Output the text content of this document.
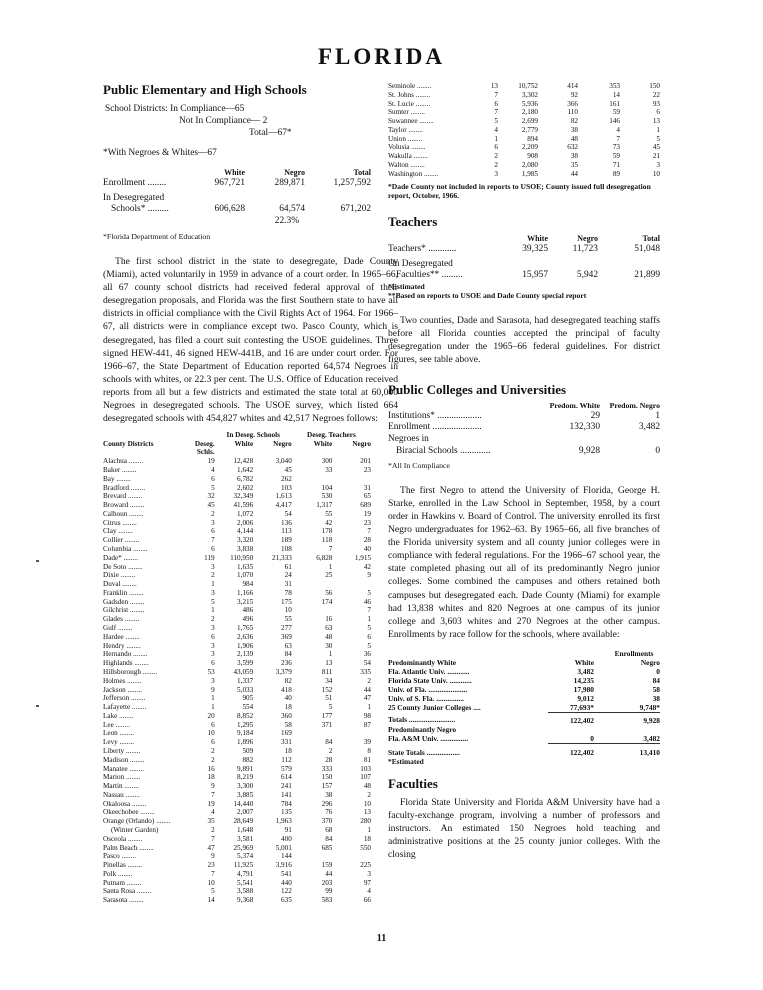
FLORIDA
Public Elementary and High Schools
School Districts: In Compliance—65
Not In Compliance— 2
Total—67*
*With Negroes & Whites—67
	White	Negro	Total
Enrollment ........	967,721	289,871	1,257,592
In Desegregated			
Schools* .........	606,628	64,574	671,202
		22.3%	
*Florida Department of Education

The first school district in the state to desegregate, Dade County (Miami), acted voluntarily in 1959 in advance of a court order. In 1965–66, all 67 county school districts had received federal approval of their desegregation proposals, and Florida was the first Southern state to have all districts in official compliance with the Civil Rights Act of 1964. For 1966–67, all districts were in compliance except two. Pasco County, which is desegregated, has filed a court suit contesting the USOE guidelines. Three signed HEW-441, 46 signed HEW-441B, and 16 are under court order. For 1966–67, the State Department of Education reported 64,574 Negroes in schools with whites, or 22.3 per cent. The U.S. Office of Education received reports from all but a few districts and estimated the state total at 60,000 Negroes in desegregated schools. The USOE survey, which listed 664 desegregated schools with 454,827 whites and 42,517 Negroes follows:

		In Deseg. Schools		Deseg. Teachers	
County Districts	Deseg. Schls.	White	Negro	White	Negro
Alachua ........	19	12,428	3,040	300	201
Baker ........	4	1,642	45	33	23
Bay ........	6	6,782	262		
Bradford ........	5	2,602	103	104	31
Brevard ........	32	32,349	1,613	530	65
Broward ........	45	41,596	4,417	1,317	689
Calhoun ........	2	1,072	54	55	19
Citrus ........	3	2,006	136	42	23
Clay ........	6	4,144	113	178	7
Collier ........	7	3,320	189	118	28
Columbia ........	6	3,838	108	7	40
Dade* ........	119	110,950	21,333	6,828	1,915
De Soto ........	3	1,635	61	1	42
Dixie ........	2	1,070	24	25	9
Duval ........	1	984	31		
Franklin ........	3	1,166	78	56	5
Gadsden ........	5	3,215	175	174	46
Gilchrist ........	1	486	10		7
Glades ........	2	496	55	16	1
Gulf ........	3	1,765	277	63	5
Hardee ........	6	2,636	369	48	6
Hendry ........	3	1,906	63	30	5
Hernando ........	3	2,139	84	1	36
Highlands ........	6	3,599	236	13	54
Hillsborough ........	53	43,059	3,379	811	335
Holmes ........	3	1,337	82	34	2
Jackson ........	9	5,033	418	152	44
Jefferson ........	1	905	40	51	47
Lafayette ........	1	554	18	5	1
Lake ........	20	8,852	360	177	98
Lee ........	6	1,295	58	371	87
Leon ........	10	9,184	169		
Levy ........	6	1,896	331	84	39
Liberty ........	2	509	18	2	8
Madison ........	2	882	112	28	81
Manatee ........	16	9,891	579	333	103
Marion ........	18	8,219	614	150	107
Martin ........	9	3,300	241	157	48
Nassau ........	7	3,885	141	38	2
Okaloosa ........	19	14,440	784	296	10
Okeechobee ........	4	2,007	135	76	13
Orange (Orlando) ........	35	28,649	1,963	370	280
(Winter Garden)	2	1,648	91	68	1
Osceola ........	7	3,581	400	84	18
Palm Beach ........	47	25,969	5,001	685	550
Pasco ........	9	5,374	144		
Pinellas ........	23	11,925	3,916	159	225
Polk ........	7	4,791	541	44	3
Putnam ........	10	5,541	440	203	97
Santa Rosa ........	5	3,588	122	99	4
Sarasota ........	14	9,368	635	583	66
Seminole ........	13	10,752	414	353	150
St. Johns ........	7	3,302	92	14	22
St. Lucie ........	6	5,936	366	161	93
Sumter ........	7	2,180	110	59	6
Suwannee ........	5	2,699	82	146	13
Taylor ........	4	2,779	38	4	1
Union ........	1	894	48	7	5
Volusia ........	6	2,209	632	73	45
Wakulla ........	2	908	38	59	21
Walton ........	2	2,080	35	71	3
Washington ........	3	1,985	44	89	10
*Dade County not included in reports to USOE; County issued full desegregation report, October, 1966.
Teachers
	White	Negro	Total
Teachers* ............	39,325	11,723	51,048
On Desegregated			
Faculties** .........	15,957	5,942	21,899
*Estimated
**Based on reports to USOE and Dade County special report

Two counties, Dade and Sarasota, had desegregated teaching staffs before all Florida counties accepted the principal of faculty desegregation under the 1965–66 federal guidelines. For district figures, see table above.

Public Colleges and Universities
	Predom. White	Predom. Negro
Institutions* ...................	29	1
Enrollment .....................	132,330	3,482
Negroes in		
Biracial Schools .............	9,928	0
*All In Compliance

The first Negro to attend the University of Florida, George H. Starke, enrolled in the Law School in September, 1958, by a court order in Hawkins v. Board of Control. The university enrolled its first Negro undergraduates for 1962–63. By 1965–66, all five branches of the Florida university system and all county junior colleges were in compliance with federal regulations. For the 1966–67 school year, the state completed phasing out all of its predominantly Negro junior colleges. Some combined the campuses and others retained both campuses but desegregated each. Dade County (Miami) for example had 13,838 whites and 820 Negroes at one campus of its junior college and 3,603 whites and 270 Negroes at the other campus. Enrollments by race follow for the schools, where available:

	Enrollments	
Predominantly White	White	Negro
Fla. Atlantic Univ. ............	3,482	0
Florida State Univ. ............	14,235	84
Univ. of Fla. .....................	17,980	58
Univ. of S. Fla. ...............	9,012	38
25 County Junior Colleges ....	77,693*	9,748*
Totals .........................	122,402	9,928
Predominantly Negro		
Fla. A&M Univ. ...............	0	3,482
State Totals ..................	122,402	13,410
*Estimated		
Faculties

Florida State University and Florida A&M University have had a faculty-exchange program, involving a number of professors and instructors. An estimated 150 Negroes hold teaching and administrative positions at the 25 county junior colleges. With the closing

11
